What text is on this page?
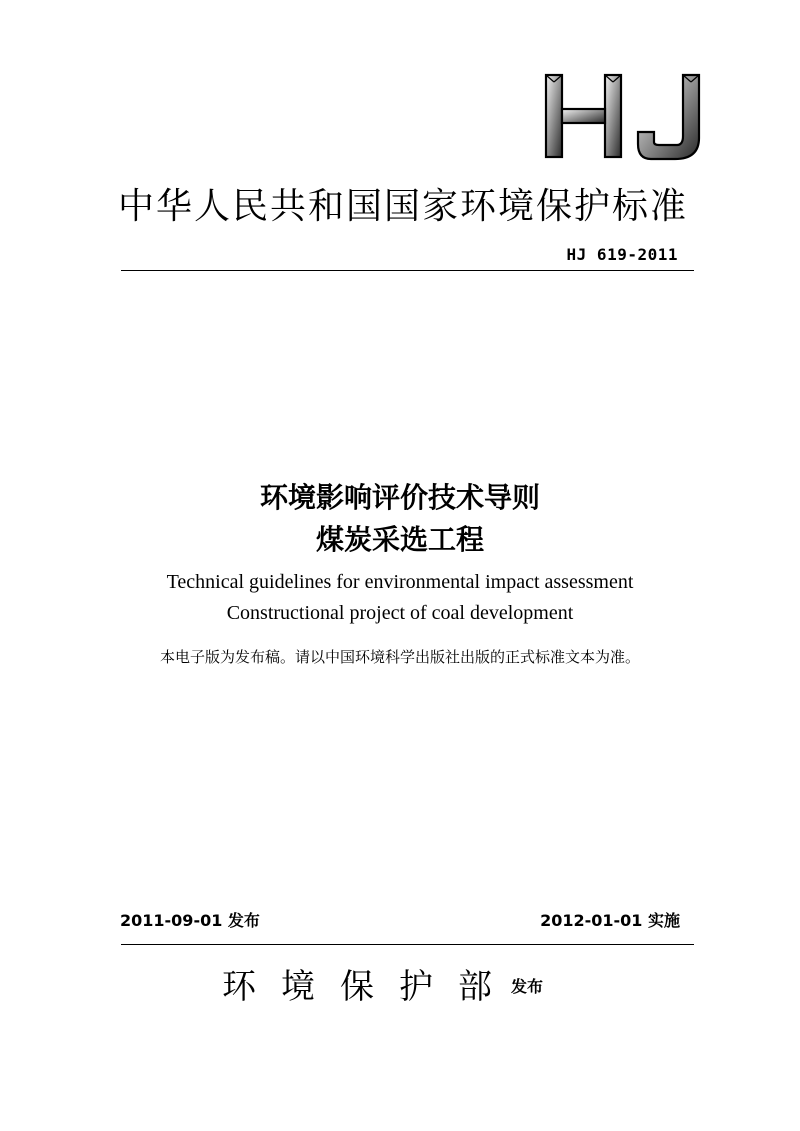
中华人民共和国国家环境保护标准
HJ 619-2011
环境影响评价技术导则
煤炭采选工程
Technical guidelines for environmental impact assessment
Constructional project of coal development
本电子版为发布稿。请以中国环境科学出版社出版的正式标准文本为准。
2011-09-01 发布	2012-01-01 实施
环境保护部发布
